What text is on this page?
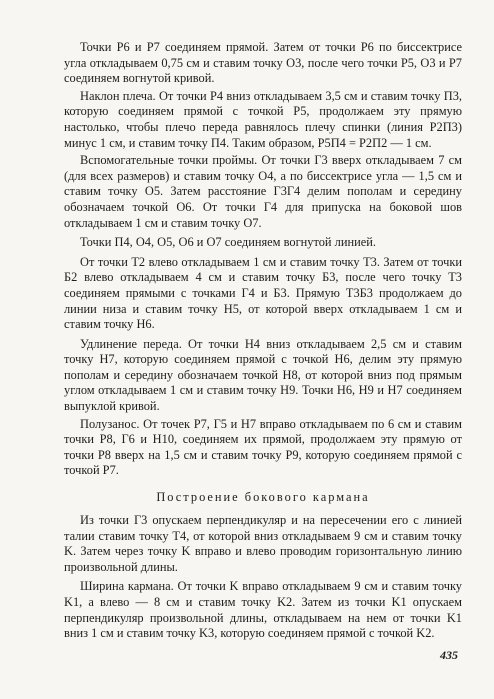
Точки P6 и P7 соединяем прямой. Затем от точки P6 по биссектрисе угла откладываем 0,75 см и ставим точку O3, после чего точки P5, O3 и P7 соединяем вогнутой кривой.

Наклон плеча. От точки P4 вниз откладываем 3,5 см и ставим точку П3, которую соединяем прямой с точкой P5, продолжаем эту прямую настолько, чтобы плечо переда равнялось плечу спинки (линия P2П3) минус 1 см, и ставим точку П4. Таким образом, P5П4 = P2П2 — 1 см.

Вспомогательные точки проймы. От точки Г3 вверх откладываем 7 см (для всех размеров) и ставим точку O4, а по биссектрисе угла — 1,5 см и ставим точку O5. Затем расстояние Г3Г4 делим пополам и середину обозначаем точкой O6. От точки Г4 для припуска на боковой шов откладываем 1 см и ставим точку O7.

Точки П4, O4, O5, O6 и O7 соединяем вогнутой линией.

От точки T2 влево откладываем 1 см и ставим точку T3. Затем от точки Б2 влево откладываем 4 см и ставим точку Б3, после чего точку T3 соединяем прямыми с точками Г4 и Б3. Прямую T3Б3 продолжаем до линии низа и ставим точку H5, от которой вверх откладываем 1 см и ставим точку H6.

Удлинение переда. От точки H4 вниз откладываем 2,5 см и ставим точку H7, которую соединяем прямой с точкой H6, делим эту прямую пополам и середину обозначаем точкой H8, от которой вниз под прямым углом откладываем 1 см и ставим точку H9. Точки H6, H9 и H7 соединяем выпуклой кривой.

Полузанос. От точек P7, Г5 и H7 вправо откладываем по 6 см и ставим точки P8, Г6 и H10, соединяем их прямой, продолжаем эту прямую от точки P8 вверх на 1,5 см и ставим точку P9, которую соединяем прямой с точкой P7.

Построение бокового кармана

Из точки Г3 опускаем перпендикуляр и на пересечении его с линией талии ставим точку T4, от которой вниз откладываем 9 см и ставим точку K. Затем через точку K вправо и влево проводим горизонтальную линию произвольной длины.

Ширина кармана. От точки K вправо откладываем 9 см и ставим точку K1, а влево — 8 см и ставим точку K2. Затем из точки K1 опускаем перпендикуляр произвольной длины, откладываем на нем от точки K1 вниз 1 см и ставим точку K3, которую соединяем прямой с точкой K2.

435
